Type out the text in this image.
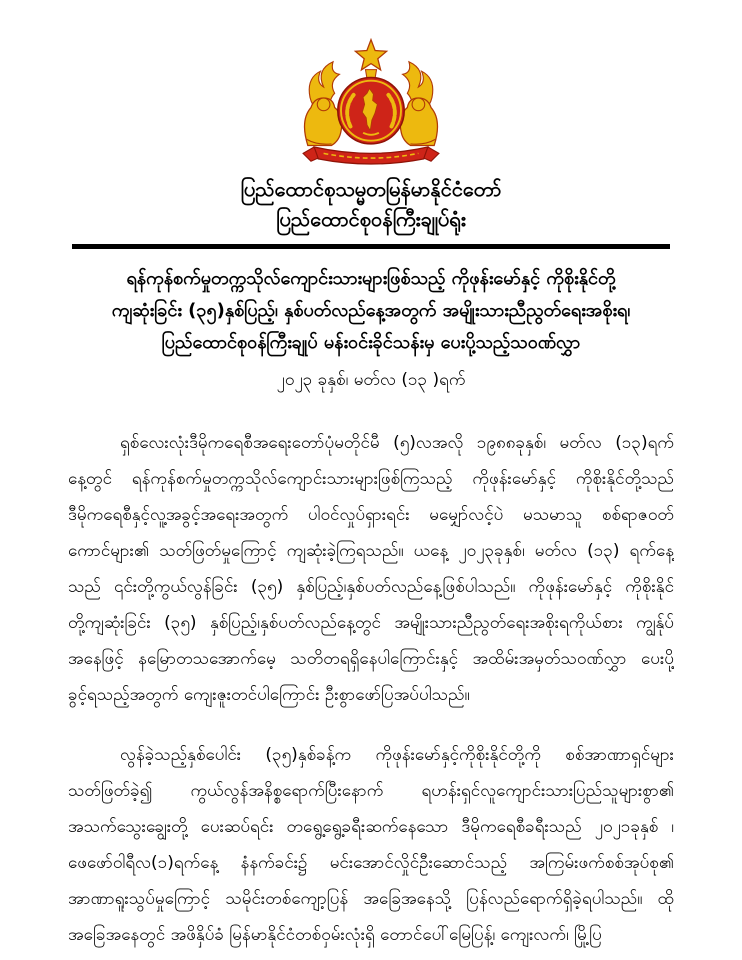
ပြည်ထောင်စုသမ္မတမြန်မာနိုင်ငံတော်
ပြည်ထောင်စုဝန်ကြီးချုပ်ရုံး
ရန်ကုန်စက်မှုတက္ကသိုလ်ကျောင်းသားများဖြစ်သည့် ကိုဖုန်းမော်နှင့် ကိုစိုးနိုင်တို့
ကျဆုံးခြင်း (၃၅)နှစ်ပြည့်၊ နှစ်ပတ်လည်နေ့အတွက် အမျိုးသားညီညွတ်ရေးအစိုးရ၊
ပြည်ထောင်စုဝန်ကြီးချုပ် မန်းဝင်းခိုင်သန်းမှ ပေးပို့သည့်သဝဏ်လွှာ
၂၀၂၃ ခုနှစ်၊ မတ်လ (၁၃ )ရက်
ရှစ်လေးလုံးဒီမိုကရေစီအရေးတော်ပုံမတိုင်မီ (၅)လအလို ၁၉၈၈ခုနှစ်၊ မတ်လ (၁၃)ရက်
နေ့တွင် ရန်ကုန်စက်မှုတက္ကသိုလ်ကျောင်းသားများဖြစ်ကြသည့် ကိုဖုန်းမော်နှင့် ကိုစိုးနိုင်တို့သည်
ဒီမိုကရေစီနှင့်လူ့အခွင့်အရေးအတွက် ပါဝင်လှုပ်ရှားရင်း မမျှော်လင့်ပဲ မသမာသူ စစ်ရာဇဝတ်
ကောင်များ၏ သတ်ဖြတ်မှုကြောင့် ကျဆုံးခဲ့ကြရသည်။ ယနေ့ ၂၀၂၃ခုနှစ်၊ မတ်လ (၁၃) ရက်နေ့
သည် ၎င်းတို့ကွယ်လွန်ခြင်း (၃၅) နှစ်ပြည့်၊နှစ်ပတ်လည်နေ့ဖြစ်ပါသည်။ ကိုဖုန်းမော်နှင့် ကိုစိုးနိုင်
တို့ကျဆုံးခြင်း (၃၅) နှစ်ပြည့်၊နှစ်ပတ်လည်နေ့တွင် အမျိုးသားညီညွတ်ရေးအစိုးရကိုယ်စား ကျွန်ုပ်
အနေဖြင့် နမြောတသအောက်မေ့ သတိတရရှိနေပါကြောင်းနှင့် အထိမ်းအမှတ်သဝဏ်လွှာ ပေးပို့
ခွင့်ရသည့်အတွက် ကျေးဇူးတင်ပါကြောင်း ဦးစွာဖော်ပြအပ်ပါသည်။
လွန်ခဲ့သည့်နှစ်ပေါင်း (၃၅)နှစ်ခန့်က ကိုဖုန်းမော်နှင့်ကိုစိုးနိုင်တို့ကို စစ်အာဏာရှင်များ
သတ်ဖြတ်ခဲ့၍ ကွယ်လွန်အနိစ္စရောက်ပြီးနောက် ရဟန်းရှင်လူကျောင်းသားပြည်သူများစွာ၏
အသက်သွေးချွေးတို့ ပေးဆပ်ရင်း တရွေ့ရွေ့ခရီးဆက်နေသော ဒီမိုကရေစီခရီးသည် ၂၀၂၁ခုနှစ် ၊
ဖေဖော်ဝါရီလ(၁)ရက်နေ့ နံနက်ခင်း၌ မင်းအောင်လှိုင်ဦးဆောင်သည့် အကြမ်းဖက်စစ်အုပ်စု၏
အာဏာရူးသွပ်မှုကြောင့် သမိုင်းတစ်ကျော့ပြန် အခြေအနေသို့ ပြန်လည်ရောက်ရှိခဲ့ရပါသည်။ ထို
အခြေအနေတွင် အဖိနှိပ်ခံ မြန်မာနိုင်ငံတစ်ဝှမ်းလုံးရှိ တောင်ပေါ်မြေပြန့်၊ ကျေးလက်၊ မြို့ပြ
